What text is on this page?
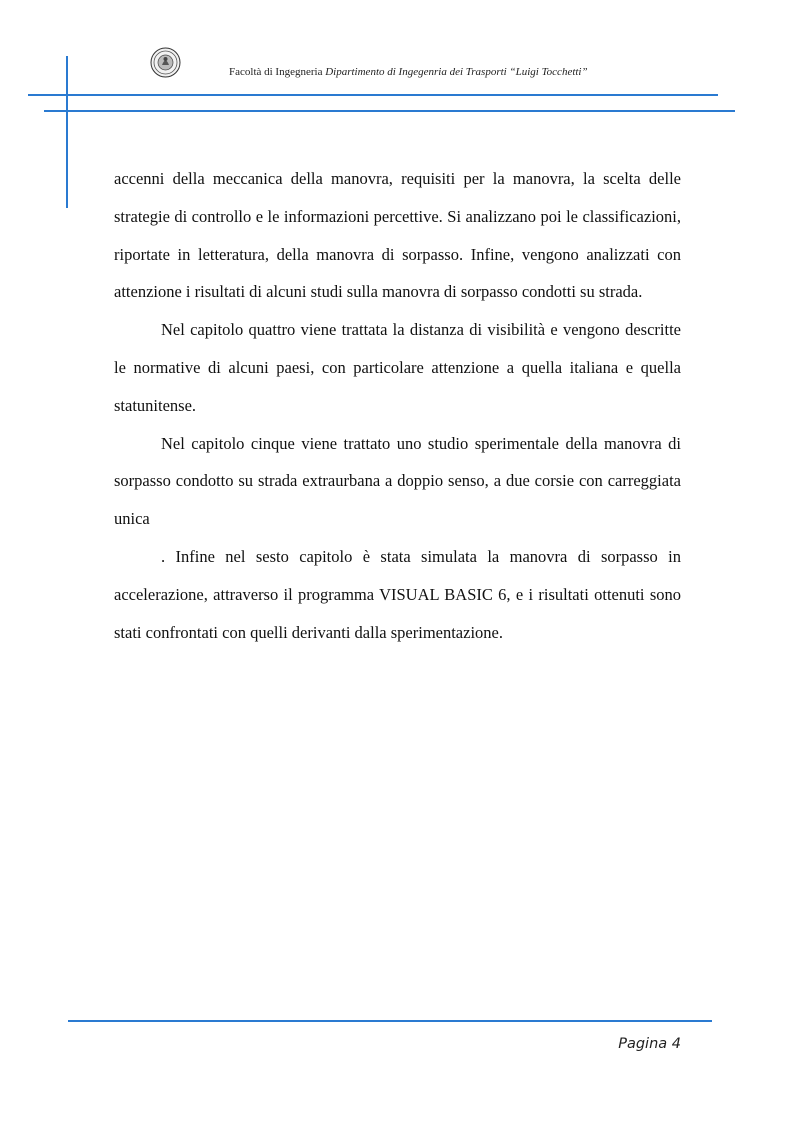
Facoltà di Ingegneria Dipartimento di Ingegenria dei Trasporti “Luigi Tocchetti”

accenni della meccanica della manovra, requisiti per la manovra, la scelta delle strategie di controllo e le informazioni percettive. Si analizzano poi le classificazioni, riportate in letteratura, della manovra di sorpasso. Infine, vengono analizzati con attenzione i risultati di alcuni studi sulla manovra di sorpasso condotti su strada.

Nel capitolo quattro viene trattata la distanza di visibilità e vengono descritte le normative di alcuni paesi, con particolare attenzione a quella italiana e quella statunitense.

Nel capitolo cinque viene trattato uno studio sperimentale della manovra di sorpasso condotto su strada extraurbana a doppio senso, a due corsie con carreggiata unica

. Infine nel sesto capitolo è stata simulata la manovra di sorpasso in accelerazione, attraverso il programma VISUAL BASIC 6, e i risultati ottenuti sono stati confrontati con quelli derivanti dalla sperimentazione.

Pagina 4
